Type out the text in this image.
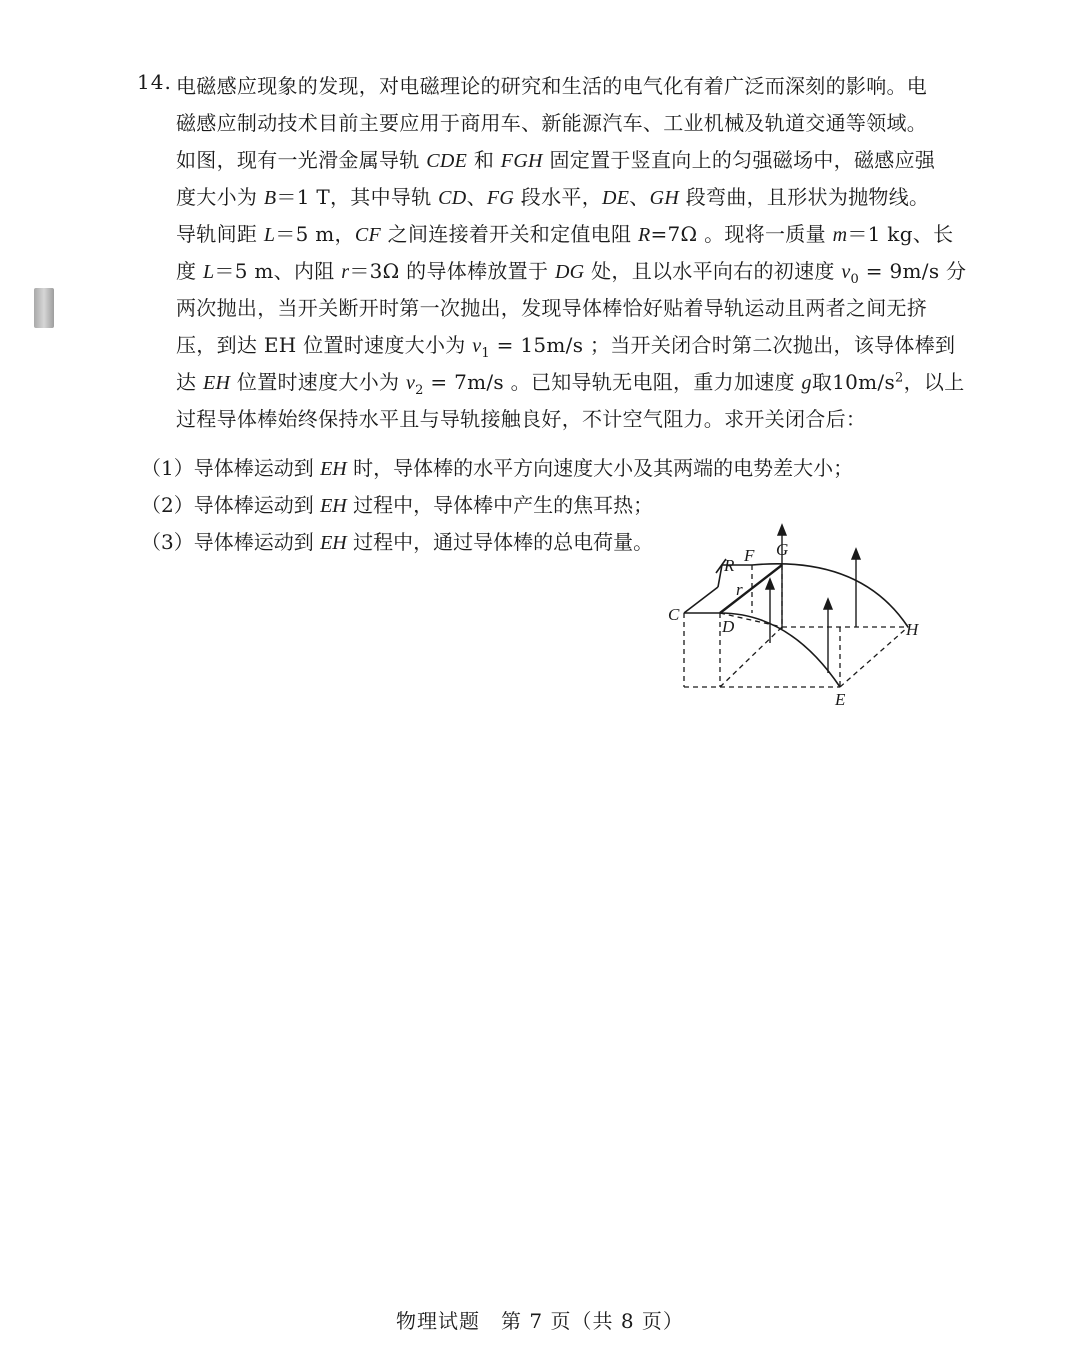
14. 电磁感应现象的发现，对电磁理论的研究和生活的电气化有着广泛而深刻的影响。电
磁感应制动技术目前主要应用于商用车、新能源汽车、工业机械及轨道交通等领域。
如图，现有一光滑金属导轨 CDE 和 FGH 固定置于竖直向上的匀强磁场中，磁感应强
度大小为 B＝1 T，其中导轨 CD、FG 段水平，DE、GH 段弯曲，且形状为抛物线。
导轨间距 L＝5 m，CF 之间连接着开关和定值电阻 R=7Ω 。现将一质量 m＝1 kg、长
度 L＝5 m、内阻 r＝3Ω 的导体棒放置于 DG 处，且以水平向右的初速度 $v_0 = 9m/s$ 分
两次抛出，当开关断开时第一次抛出，发现导体棒恰好贴着导轨运动且两者之间无挤
压，到达 EH 位置时速度大小为 $v_1 = 15m/s$ ；当开关闭合时第二次抛出，该导体棒到
达 EH 位置时速度大小为 $v_2 = 7m/s$ 。已知导轨无电阻，重力加速度 g取$10m/s^2$，以上
过程导体棒始终保持水平且与导轨接触良好，不计空气阻力。求开关闭合后：
（1）导体棒运动到 EH 时，导体棒的水平方向速度大小及其两端的电势差大小；
（2）导体棒运动到 EH 过程中，导体棒中产生的焦耳热；
（3）导体棒运动到 EH 过程中，通过导体棒的总电荷量。
C
D
E
F G
H
R
r
物理试题　第 7 页（共 8 页）
